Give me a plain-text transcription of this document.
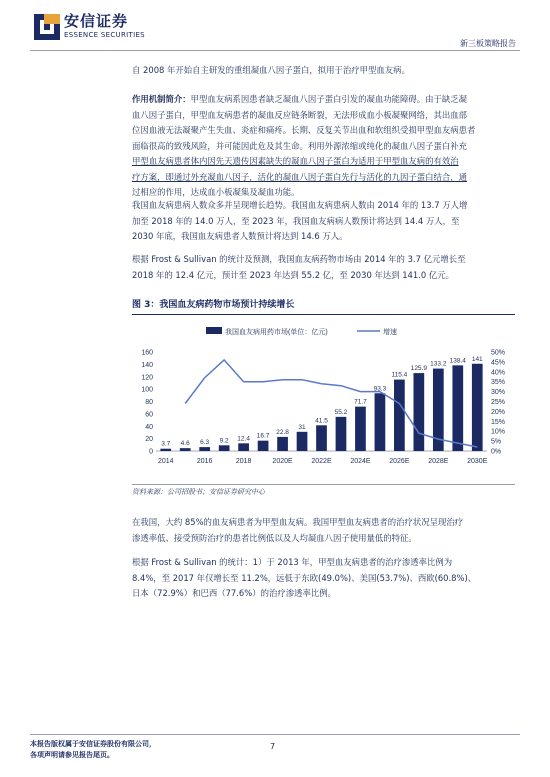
安信证券
ESSENCE SECURITIES
新三板策略报告
自 2008 年开始自主研发的重组凝血八因子蛋白，拟用于治疗甲型血友病。
作用机制简介：甲型血友病系因患者缺乏凝血八因子蛋白引发的凝血功能障碍。由于缺乏凝
血八因子蛋白，甲型血友病患者的凝血反应链条断裂，无法形成血小板凝聚网络，其出血部
位因血液无法凝聚产生失血、炎症和痛疼。长期、反复关节出血和软组织受损甲型血友病患者
面临很高的致残风险，并可能因此危及其生命。利用外源浓缩或纯化的凝血八因子蛋白补充
甲型血友病患者体内因先天遗传因素缺失的凝血八因子蛋白为适用于甲型血友病的有效治
疗方案，即通过外充凝血八因子，活化的凝血八因子蛋白先行与活化的九因子蛋白结合，通
过相应的作用，达成血小板凝集及凝血功能。
我国血友病患病人数众多并呈现增长趋势。我国血友病患病人数由 2014 年的 13.7 万人增
加至 2018 年的 14.0 万人，至 2023 年，我国血友病病人数预计将达到 14.4 万人，至
2030 年底，我国血友病患者人数预计将达到 14.6 万人。
根据 Frost & Sullivan 的统计及预测，我国血友病药物市场由 2014 年的 3.7 亿元增长至
2018 年的 12.4 亿元，预计至 2023 年达到 55.2 亿，至 2030 年达到 141.0 亿元。
图 3：我国血友病药物市场预计持续增长
我国血友病用药市场(单位：亿元)	增速
0
20
40
60
80
100
120
140
160
0%
5%
10%
15%
20%
25%
30%
35%
40%
45%
50%
3.7 4.6 6.3 9.2 12.4 16.7
22.8
31
41.5
55.2
71.7
93.3
115.4
125.9
133.2 138.4 141
2014	2016	2018	2020E	2022E	2024E	2026E	2028E	2030E
资料来源：公司招股书；安信证券研究中心
在我国，大约 85%的血友病患者为甲型血友病。我国甲型血友病患者的治疗状况呈现治疗
渗透率低、接受预防治疗的患者比例低以及人均凝血八因子使用量低的特征。
根据 Frost & Sullivan 的统计：1）于 2013 年，甲型血友病患者的治疗渗透率比例为
8.4%，至 2017 年仅增长至 11.2%，远低于东欧(49.0%)、美国(53.7%)、西欧(60.8%)、
日本（72.9%）和巴西（77.6%）的治疗渗透率比例。
本报告版权属于安信证券股份有限公司，
各项声明请参见报告尾页。
7
